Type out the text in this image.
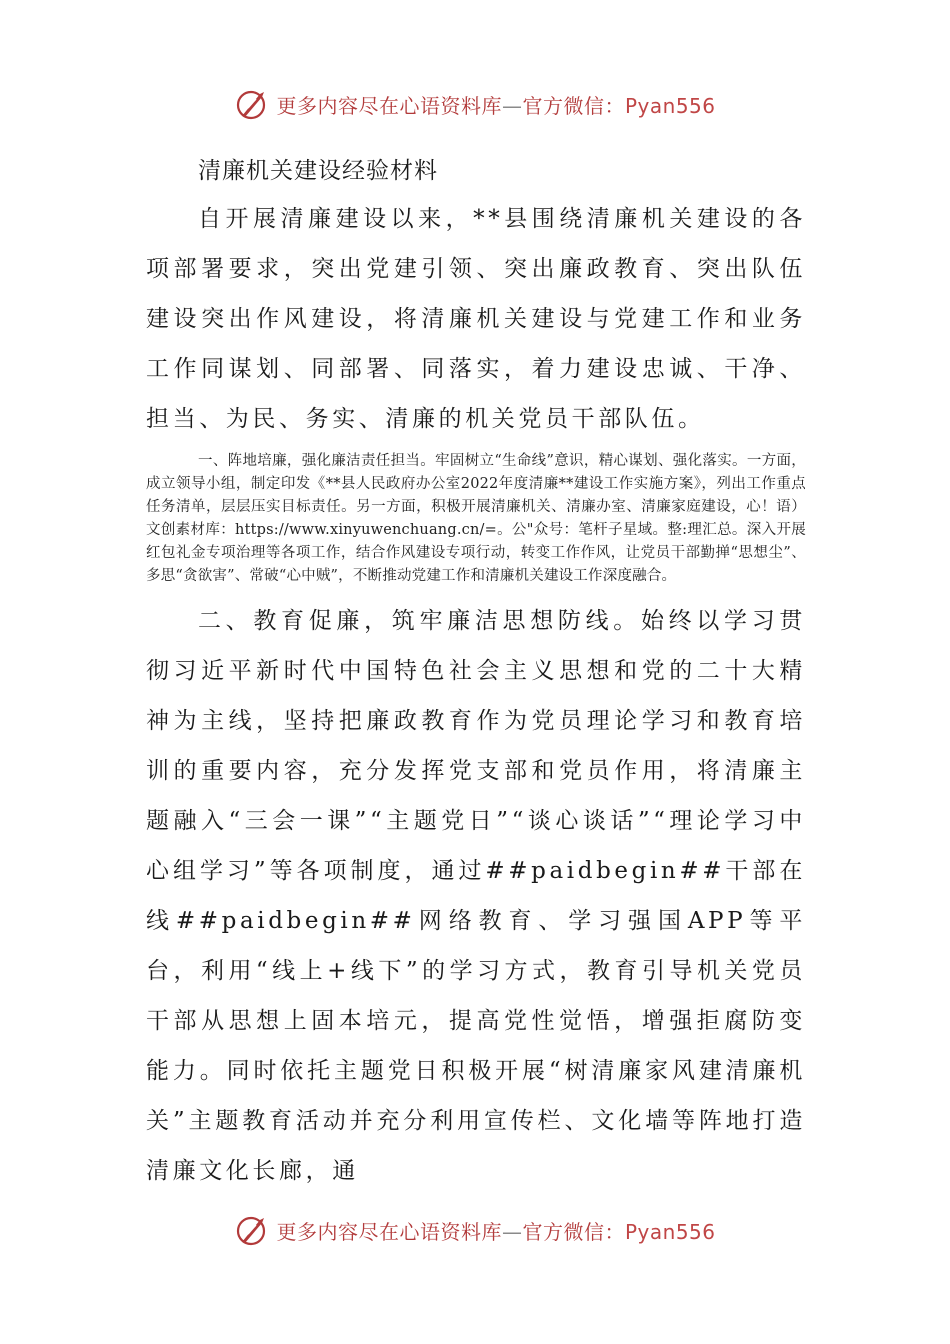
更多内容尽在心语资料库—官方微信：Pyan556
清廉机关建设经验材料

自开展清廉建设以来，**县围绕清廉机关建设的各项部署要求，突出党建引领、突出廉政教育、突出队伍建设突出作风建设，将清廉机关建设与党建工作和业务工作同谋划、同部署、同落实，着力建设忠诚、干净、担当、为民、务实、清廉的机关党员干部队伍。

一、阵地培廉，强化廉洁责任担当。牢固树立“生命线”意识，精心谋划、强化落实。一方面，成立领导小组，制定印发《**县人民政府办公室2022年度清廉**建设工作实施方案》，列出工作重点任务清单，层层压实目标责任。另一方面，积极开展清廉机关、清廉办室、清廉家庭建设，心！语）文创素材库：https://www.xinyuwenchuang.cn/=。公"众号：笔杆子星域。整:理汇总。深入开展红包礼金专项治理等各项工作，结合作风建设专项行动，转变工作作风，让党员干部勤掸“思想尘”、多思“贪欲害”、常破“心中贼”，不断推动党建工作和清廉机关建设工作深度融合。

二、教育促廉，筑牢廉洁思想防线。始终以学习贯彻习近平新时代中国特色社会主义思想和党的二十大精神为主线，坚持把廉政教育作为党员理论学习和教育培训的重要内容，充分发挥党支部和党员作用，将清廉主题融入“三会一课”“主题党日”“谈心谈话”“理论学习中心组学习”等各项制度，通过##paidbegin##干部在线##paidbegin##网络教育、学习强国APP等平台，利用“线上+线下”的学习方式，教育引导机关党员干部从思想上固本培元，提高党性觉悟，增强拒腐防变能力。同时依托主题党日积极开展“树清廉家风建清廉机关”主题教育活动并充分利用宣传栏、文化墙等阵地打造清廉文化长廊，通

更多内容尽在心语资料库—官方微信：Pyan556
